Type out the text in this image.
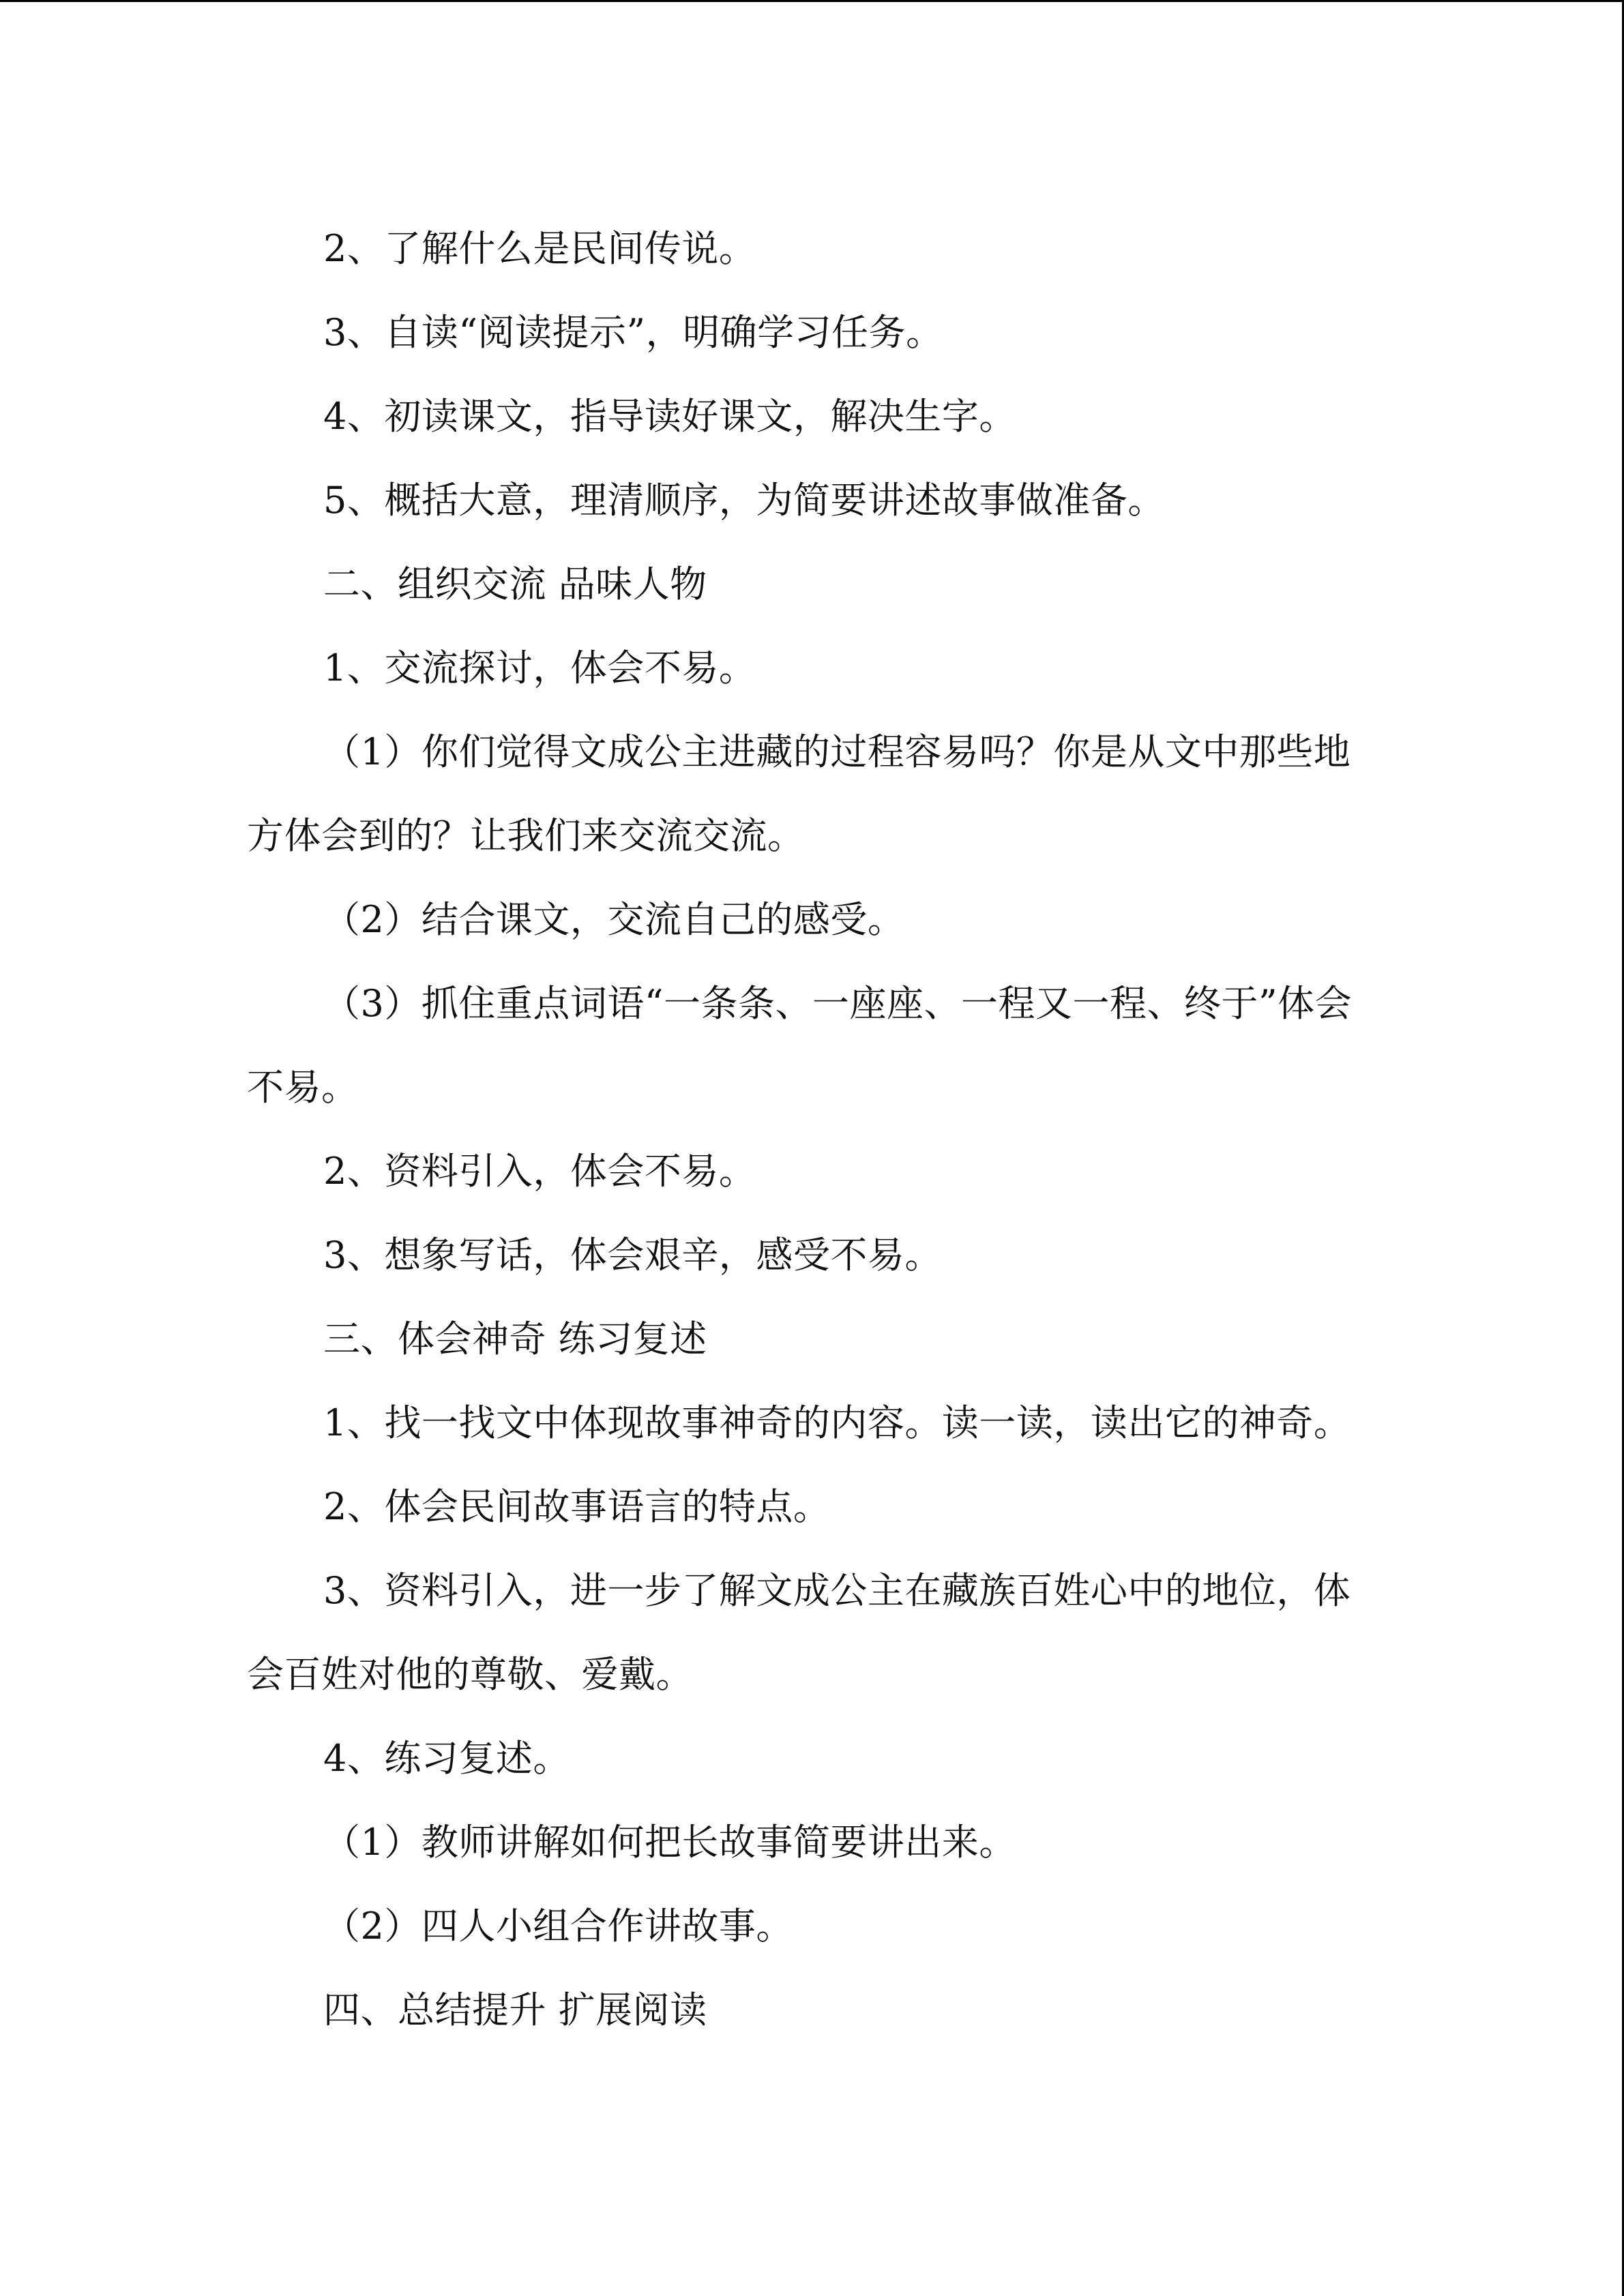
2、了解什么是民间传说。

3、自读“阅读提示”，明确学习任务。

4、初读课文，指导读好课文，解决生字。

5、概括大意，理清顺序，为简要讲述故事做准备。

二、组织交流 品味人物

1、交流探讨，体会不易。

（1）你们觉得文成公主进藏的过程容易吗？你是从文中那些地方体会到的？让我们来交流交流。

（2）结合课文，交流自己的感受。

（3）抓住重点词语“一条条、一座座、一程又一程、终于”体会不易。

2、资料引入，体会不易。

3、想象写话，体会艰辛，感受不易。

三、体会神奇 练习复述

1、找一找文中体现故事神奇的内容。读一读，读出它的神奇。

2、体会民间故事语言的特点。

3、资料引入，进一步了解文成公主在藏族百姓心中的地位，体会百姓对他的尊敬、爱戴。

4、练习复述。

（1）教师讲解如何把长故事简要讲出来。

（2）四人小组合作讲故事。

四、总结提升 扩展阅读
